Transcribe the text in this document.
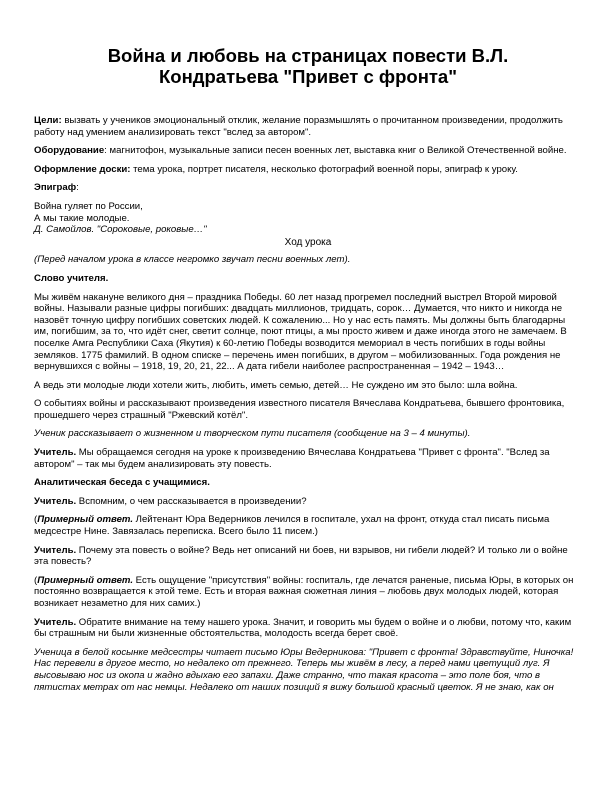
Война и любовь на страницах повести В.Л.
Кондратьева "Привет с фронта"

Цели: вызвать у учеников эмоциональный отклик, желание поразмышлять о прочитанном произведении, продолжить работу над умением анализировать текст "вслед за автором".

Оборудование: магнитофон, музыкальные записи песен военных лет, выставка книг о Великой Отечественной войне.

Оформление доски: тема урока, портрет писателя, несколько фотографий военной поры, эпиграф к уроку.

Эпиграф:

Война гуляет по России,

А мы такие молодые.

Д. Самойлов. "Сороковые, роковые…"

Ход урока

(Перед началом урока в классе негромко звучат песни военных лет).

Слово учителя.

Мы живём накануне великого дня – праздника Победы. 60 лет назад прогремел последний выстрел Второй мировой войны. Называли разные цифры погибших: двадцать миллионов, тридцать, сорок… Думается, что никто и никогда не назовёт точную цифру погибших советских людей. К сожалению... Но у нас есть память. Мы должны быть благодарны им, погибшим, за то, что идёт снег, светит солнце, поют птицы, а мы просто живем и даже иногда этого не замечаем. В поселке Амга Республики Саха (Якутия) к 60-летию Победы возводится мемориал в честь погибших в годы войны земляков. 1775 фамилий. В одном списке – перечень имен погибших, в другом – мобилизованных. Года рождения не вернувшихся с войны – 1918, 19, 20, 21, 22... А дата гибели наиболее распространенная – 1942 – 1943…

А ведь эти молодые люди хотели жить, любить, иметь семью, детей… Не суждено им это было: шла война.

О событиях войны и рассказывают произведения известного писателя Вячеслава Кондратьева, бывшего фронтовика, прошедшего через страшный "Ржевский котёл".

Ученик рассказывает о жизненном и творческом пути писателя (сообщение на 3 – 4 минуты).

Учитель. Мы обращаемся сегодня на уроке к произведению Вячеслава Кондратьева "Привет с фронта". "Вслед за автором" – так мы будем анализировать эту повесть.

Аналитическая беседа с учащимися.

Учитель. Вспомним, о чем рассказывается в произведении?

(Примерный ответ. Лейтенант Юра Ведерников лечился в госпитале, ухал на фронт, откуда стал писать письма медсестре Нине. Завязалась переписка. Всего было 11 писем.)

Учитель. Почему эта повесть о войне? Ведь нет описаний ни боев, ни взрывов, ни гибели людей? И только ли о войне эта повесть?

(Примерный ответ. Есть ощущение "присутствия" войны: госпиталь, где лечатся раненые, письма Юры, в которых он постоянно возвращается к этой теме. Есть и вторая важная сюжетная линия – любовь двух молодых людей, которая возникает незаметно для них самих.)

Учитель. Обратите внимание на тему нашего урока. Значит, и говорить мы будем о войне и о любви, потому что, каким бы страшным ни были жизненные обстоятельства, молодость всегда берет своё.

Ученица в белой косынке медсестры читает письмо Юры Ведерникова: "Привет с фронта! Здравствуйте, Ниночка! Нас перевели в другое место, но недалеко от прежнего. Теперь мы живём в лесу, а перед нами цветущий луг. Я высовываю нос из окопа и жадно вдыхаю его запахи. Даже странно, что такая красота – это поле боя, что в пятистах метрах от нас немцы. Недалеко от наших позиций я вижу большой красный цветок. Я не знаю, как он
